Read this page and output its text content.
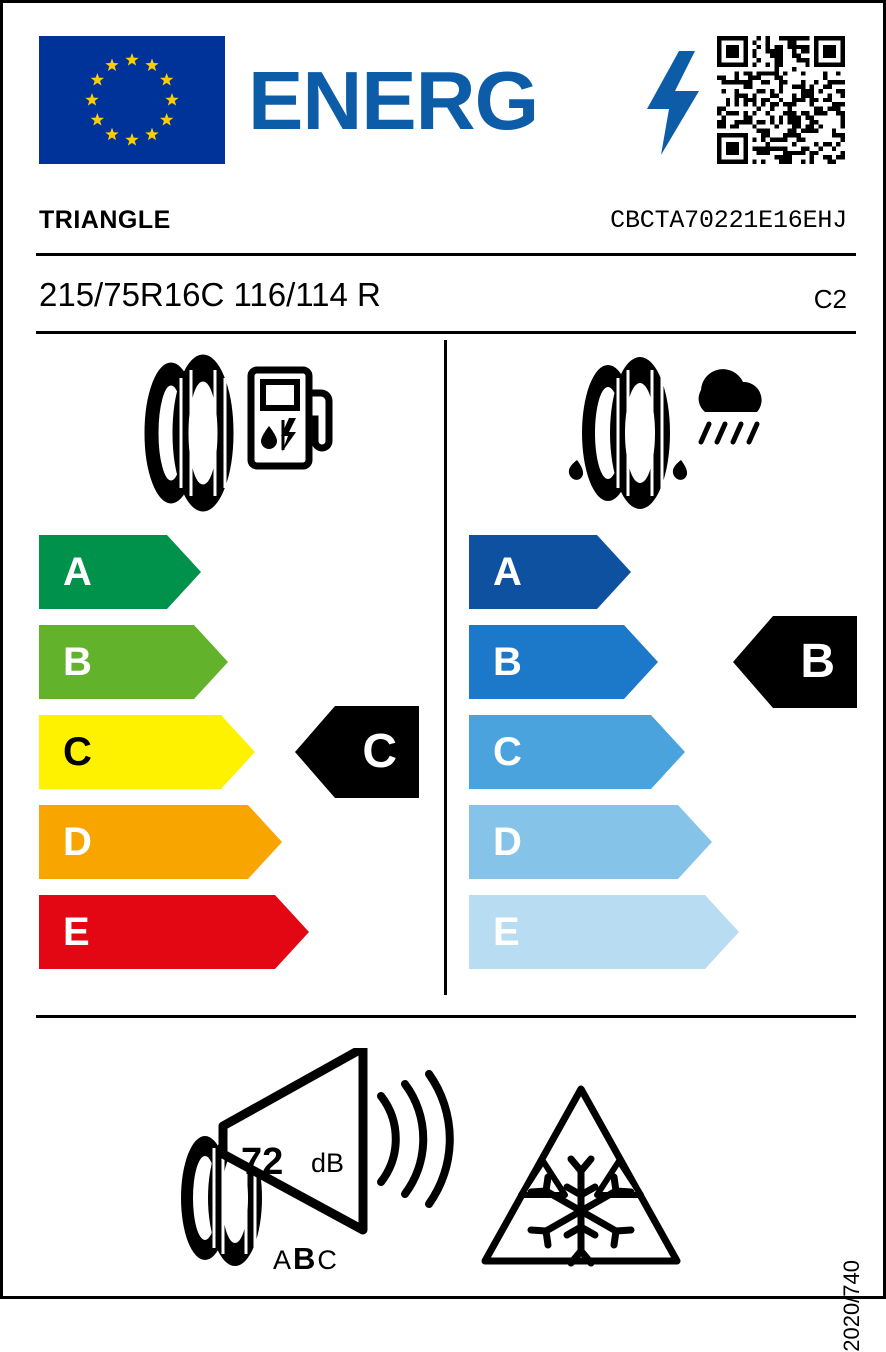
ENERG
TRIANGLE	CBCTA70221E16EHJ
215/75R16C 116/114 R	C2
A
B
C
D
E
C
A
B
C
D
E
B
72 dB
ABC	2020/740
